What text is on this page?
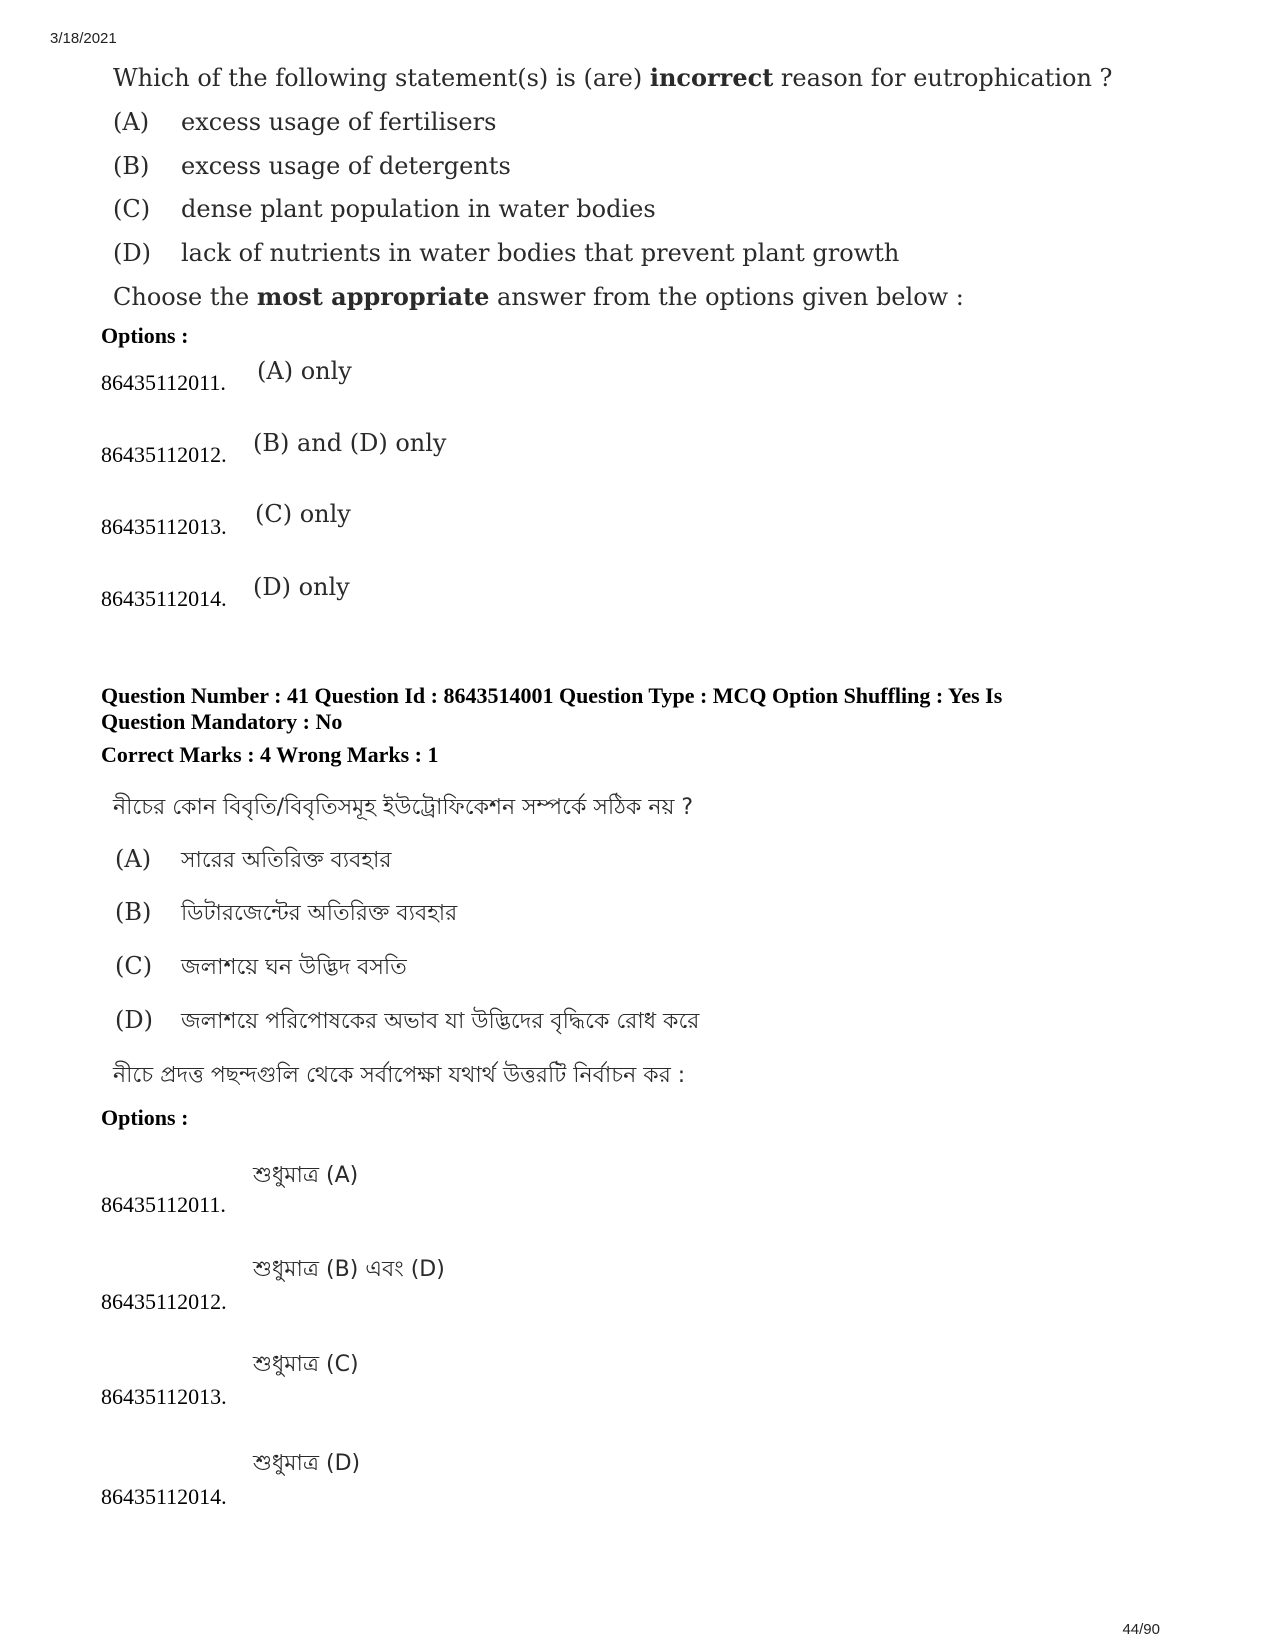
3/18/2021
44/90
Which of the following statement(s) is (are) incorrect reason for eutrophication ?
(A) excess usage of fertilisers
(B) excess usage of detergents
(C) dense plant population in water bodies
(D) lack of nutrients in water bodies that prevent plant growth
Choose the most appropriate answer from the options given below :
Options :
86435112011. (A) only
86435112012. (B) and (D) only
86435112013. (C) only
86435112014. (D) only
Question Number : 41 Question Id : 8643514001 Question Type : MCQ Option Shuffling : Yes Is
Question Mandatory : No
Correct Marks : 4 Wrong Marks : 1
নীচের কোন বিবৃতি/বিবৃতিসমূহ ইউট্রোফিকেশন সম্পর্কে সঠিক নয় ?
(A) সারের অতিরিক্ত ব্যবহার
(B) ডিটারজেন্টের অতিরিক্ত ব্যবহার
(C) জলাশয়ে ঘন উদ্ভিদ বসতি
(D) জলাশয়ে পরিপোষকের অভাব যা উদ্ভিদের বৃদ্ধিকে রোধ করে
নীচে প্রদত্ত পছন্দগুলি থেকে সর্বাপেক্ষা যথার্থ উত্তরটি নির্বাচন কর :
Options :
86435112011.
শুধুমাত্র (A)
86435112012.
শুধুমাত্র (B) এবং (D)
86435112013.
শুধুমাত্র (C)
86435112014.
শুধুমাত্র (D)
